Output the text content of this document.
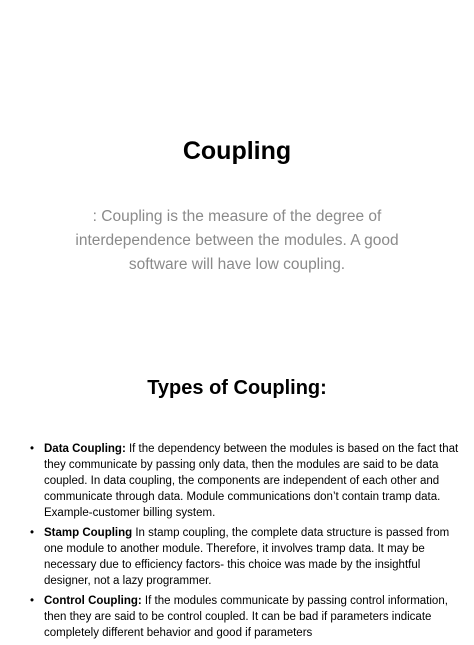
Coupling

: Coupling is the measure of the degree of interdependence between the modules. A good software will have low coupling.

Types of Coupling:
• Data Coupling: If the dependency between the modules is based on the fact that they communicate by passing only data, then the modules are said to be data coupled. In data coupling, the components are independent of each other and communicate through data. Module communications don’t contain tramp data. Example-customer billing system.
• Stamp Coupling In stamp coupling, the complete data structure is passed from one module to another module. Therefore, it involves tramp data. It may be necessary due to efficiency factors- this choice was made by the insightful designer, not a lazy programmer.
• Control Coupling: If the modules communicate by passing control information, then they are said to be control coupled. It can be bad if parameters indicate completely different behavior and good if parameters
